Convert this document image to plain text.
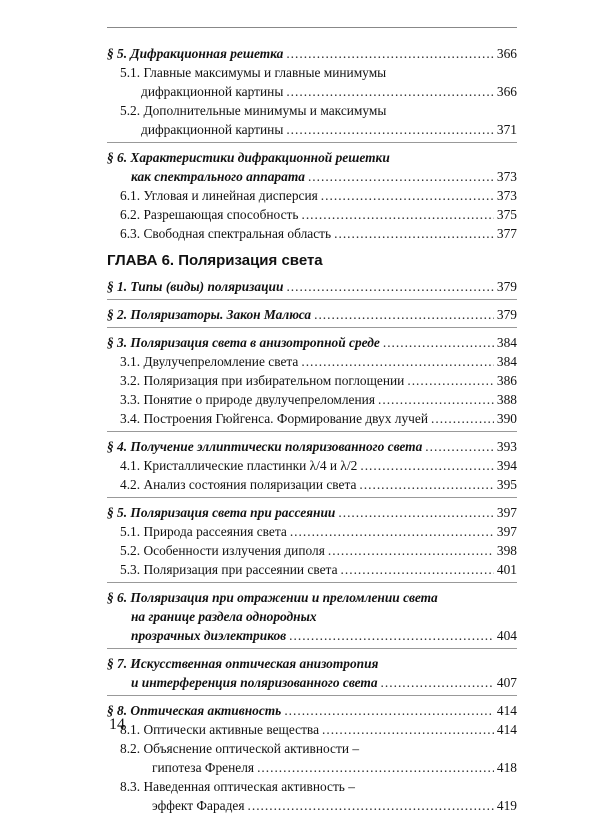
§ 5. Дифракционная решетка .....	366
5.1. Главные максимумы и главные минимумы
дифракционной картины .....	366
5.2. Дополнительные минимумы и максимумы
дифракционной картины .....	371
§ 6. Характеристики дифракционной решетки
как спектрального аппарата .....	373
6.1. Угловая и линейная дисперсия .....	373
6.2. Разрешающая способность .....	375
6.3. Свободная спектральная область .....	377
ГЛАВА 6. Поляризация света
§ 1. Типы (виды) поляризации .....	379
§ 2. Поляризаторы. Закон Малюса .....	379
§ 3. Поляризация света в анизотропной среде .....	384
3.1. Двулучепреломление света .....	384
3.2. Поляризация при избирательном поглощении .....	386
3.3. Понятие о природе двулучепреломления .....	388
3.4. Построения Гюйгенса. Формирование двух лучей .....	390
§ 4. Получение эллиптически поляризованного света .....	393
4.1. Кристаллические пластинки λ/4 и λ/2 .....	394
4.2. Анализ состояния поляризации света .....	395
§ 5. Поляризация света при рассеянии .....	397
5.1. Природа рассеяния света .....	397
5.2. Особенности излучения диполя .....	398
5.3. Поляризация при рассеянии света .....	401
§ 6. Поляризация при отражении и преломлении света
на границе раздела однородных
прозрачных диэлектриков .....	404
§ 7. Искусственная оптическая анизотропия
и интерференция поляризованного света .....	407
§ 8. Оптическая активность .....	414
8.1. Оптически активные вещества .....	414
8.2. Объяснение оптической активности –
гипотеза Френеля .....	418
8.3. Наведенная оптическая активность –
эффект Фарадея .....	419
14
